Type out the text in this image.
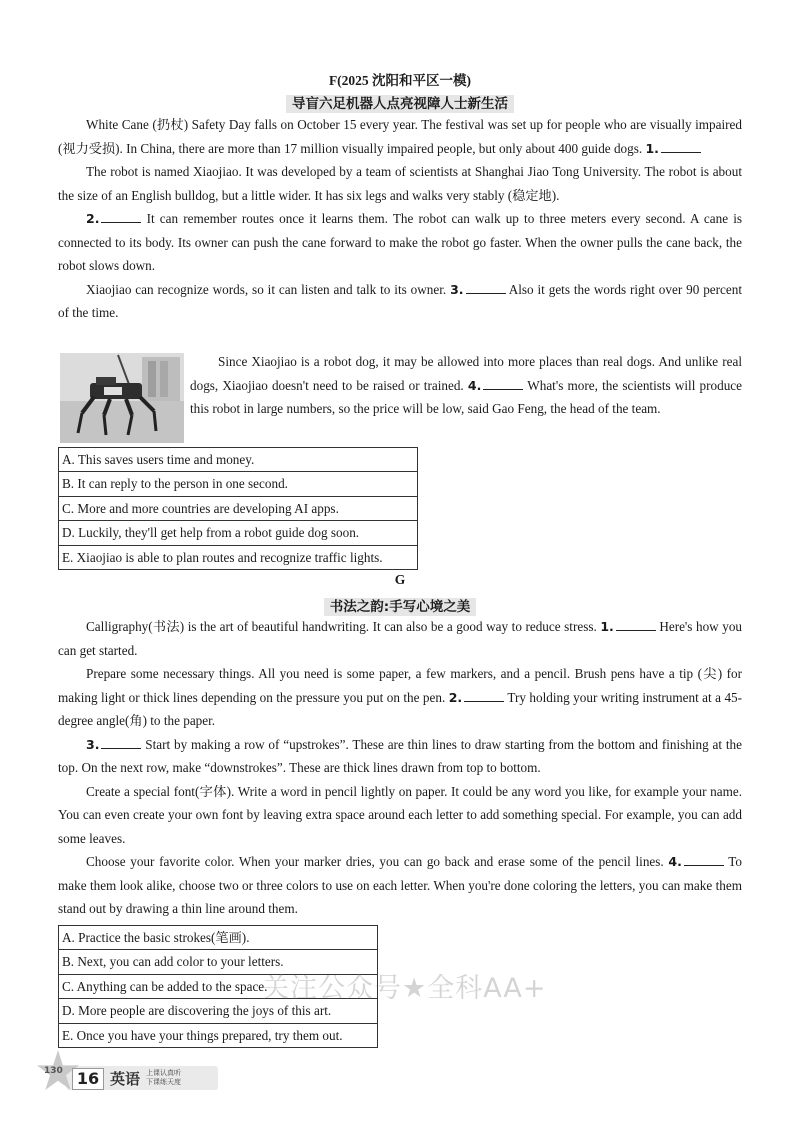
F(2025 沈阳和平区一模)
导盲六足机器人点亮视障人士新生活

White Cane (扔杖) Safety Day falls on October 15 every year. The festival was set up for people who are visually impaired (视力受损). In China, there are more than 17 million visually impaired people, but only about 400 guide dogs. 1.

The robot is named Xiaojiao. It was developed by a team of scientists at Shanghai Jiao Tong University. The robot is about the size of an English bulldog, but a little wider. It has six legs and walks very stably (稳定地).

2.	It can remember routes once it learns them. The robot can walk up to three meters every second. A cane is connected to its body. Its owner can push the cane forward to make the robot go faster. When the owner pulls the cane back, the robot slows down.

Xiaojiao can recognize words, so it can listen and talk to its owner. 3.	Also it gets the words right over 90 percent of the time.

Since Xiaojiao is a robot dog, it may be allowed into more places than real dogs. And unlike real dogs, Xiaojiao doesn't need to be raised or trained. 4.	What's more, the scientists will produce this robot in large numbers, so the price will be low, said Gao Feng, the head of the team.

A. This saves users time and money.
B. It can reply to the person in one second.
C. More and more countries are developing AI apps.
D. Luckily, they'll get help from a robot guide dog soon.
E. Xiaojiao is able to plan routes and recognize traffic lights.
G
书法之韵:手写心境之美

Calligraphy(书法) is the art of beautiful handwriting. It can also be a good way to reduce stress. 1.	Here's how you can get started.

Prepare some necessary things. All you need is some paper, a few markers, and a pencil. Brush pens have a tip (尖) for making light or thick lines depending on the pressure you put on the pen. 2.	Try holding your writing instrument at a 45-degree angle(角) to the paper.

3.	Start by making a row of “upstrokes”. These are thin lines to draw starting from the bottom and finishing at the top. On the next row, make “downstrokes”. These are thick lines drawn from top to bottom.

Create a special font(字体). Write a word in pencil lightly on paper. It could be any word you like, for example your name. You can even create your own font by leaving extra space around each letter to add something special. For example, you can add some leaves.

Choose your favorite color. When your marker dries, you can go back and erase some of the pencil lines. 4.	To make them look alike, choose two or three colors to use on each letter. When you're done coloring the letters, you can make them stand out by drawing a thin line around them.

A. Practice the basic strokes(笔画).
B. Next, you can add color to your letters.
C. Anything can be added to the space.
D. More people are discovering the joys of this art.
E. Once you have your things prepared, try them out.
关注公众号★全科AA+
130 16 英语 上课认真听
下课练天度
